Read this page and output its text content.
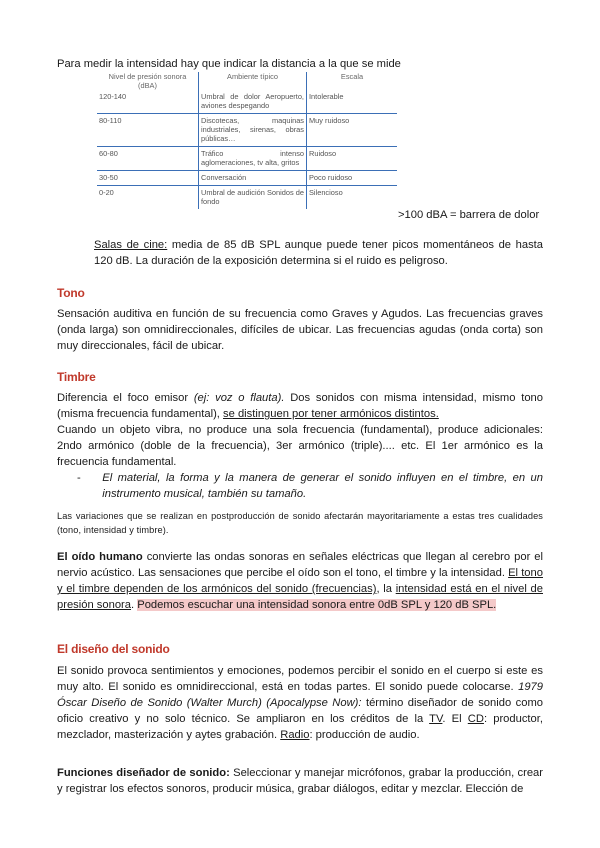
Para medir la intensidad hay que indicar la distancia a la que se mide

Nivel de presión sonora (dBA)	Ambiente típico	Escala
120-140	Umbral de dolor Aeropuerto, aviones despegando	Intolerable
80-110	Discotecas, maquinas industriales, sirenas, obras públicas…	Muy ruidoso
60-80	Tráfico intenso aglomeraciones, tv alta, gritos	Ruidoso
30-50	Conversación	Poco ruidoso
0-20	Umbral de audición Sonidos de fondo	Silencioso

>100 dBA = barrera de dolor

Salas de cine: media de 85 dB SPL aunque puede tener picos momentáneos de hasta 120 dB. La duración de la exposición determina si el ruido es peligroso.

Tono

Sensación auditiva en función de su frecuencia como Graves y Agudos. Las frecuencias graves (onda larga) son omnidireccionales, difíciles de ubicar. Las frecuencias agudas (onda corta) son muy direccionales, fácil de ubicar.

Timbre

Diferencia el foco emisor (ej: voz o flauta). Dos sonidos con misma intensidad, mismo tono (misma frecuencia fundamental), se distinguen por tener armónicos distintos.

Cuando un objeto vibra, no produce una sola frecuencia (fundamental), produce adicionales: 2ndo armónico (doble de la frecuencia), 3er armónico (triple).... etc. El 1er armónico es la frecuencia fundamental.

-	El material, la forma y la manera de generar el sonido influyen en el timbre, en un instrumento musical, también su tamaño.

Las variaciones que se realizan en postproducción de sonido afectarán mayoritariamente a estas tres cualidades (tono, intensidad y timbre).

El oído humano convierte las ondas sonoras en señales eléctricas que llegan al cerebro por el nervio acústico. Las sensaciones que percibe el oído son el tono, el timbre y la intensidad. El tono y el timbre dependen de los armónicos del sonido (frecuencias), la intensidad está en el nivel de presión sonora. Podemos escuchar una intensidad sonora entre 0dB SPL y 120 dB SPL.

El diseño del sonido

El sonido provoca sentimientos y emociones, podemos percibir el sonido en el cuerpo si este es muy alto. El sonido es omnidireccional, está en todas partes. El sonido puede colocarse. 1979 Óscar Diseño de Sonido (Walter Murch) (Apocalypse Now): término diseñador de sonido como oficio creativo y no solo técnico. Se ampliaron en los créditos de la TV. El CD: productor, mezclador, masterización y aytes grabación. Radio: producción de audio.

Funciones diseñador de sonido: Seleccionar y manejar micrófonos, grabar la producción, crear y registrar los efectos sonoros, producir música, grabar diálogos, editar y mezclar. Elección de
